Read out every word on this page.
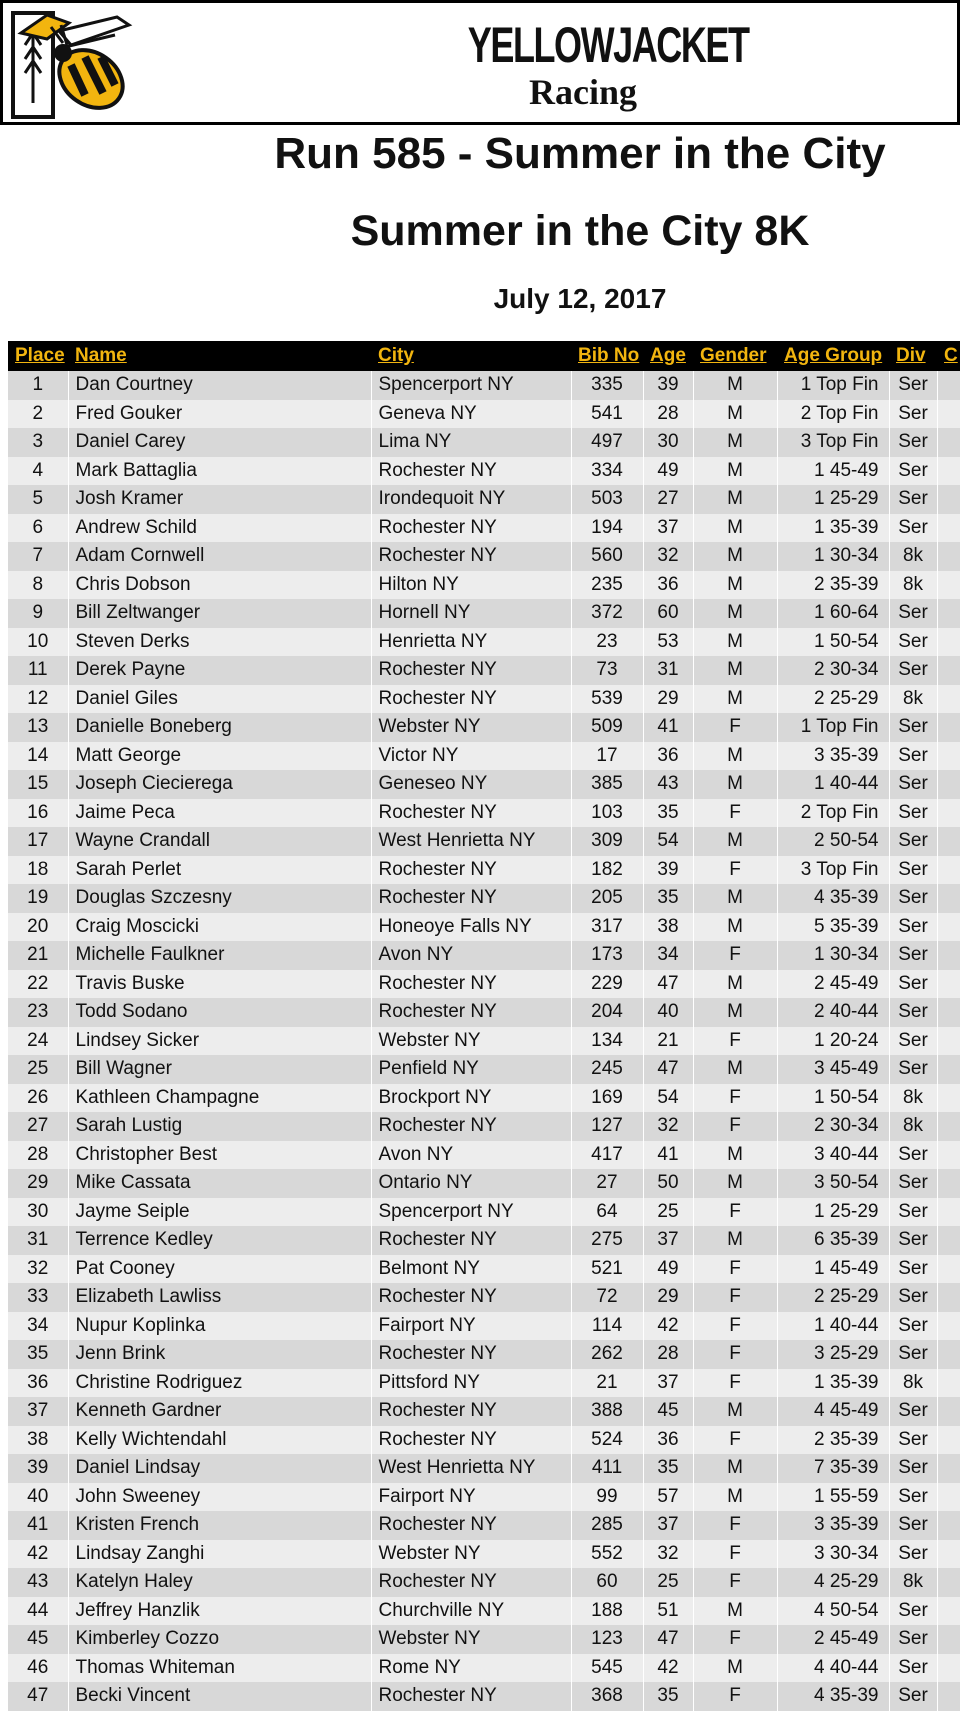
YELLOWJACKET
Racing
Run 585 - Summer in the City
Summer in the City 8K
July 12, 2017
Place	Name	City	Bib No	Age	Gender	Age Group	Div	C
1	Dan Courtney	Spencerport NY	335	39	M	1 Top Fin	Ser	
2	Fred Gouker	Geneva NY	541	28	M	2 Top Fin	Ser	
3	Daniel Carey	Lima NY	497	30	M	3 Top Fin	Ser	
4	Mark Battaglia	Rochester NY	334	49	M	1 45-49	Ser	
5	Josh Kramer	Irondequoit NY	503	27	M	1 25-29	Ser	
6	Andrew Schild	Rochester NY	194	37	M	1 35-39	Ser	
7	Adam Cornwell	Rochester NY	560	32	M	1 30-34	8k	
8	Chris Dobson	Hilton NY	235	36	M	2 35-39	8k	
9	Bill Zeltwanger	Hornell NY	372	60	M	1 60-64	Ser	
10	Steven Derks	Henrietta NY	23	53	M	1 50-54	Ser	
11	Derek Payne	Rochester NY	73	31	M	2 30-34	Ser	
12	Daniel Giles	Rochester NY	539	29	M	2 25-29	8k	
13	Danielle Boneberg	Webster NY	509	41	F	1 Top Fin	Ser	
14	Matt George	Victor NY	17	36	M	3 35-39	Ser	
15	Joseph Ciecierega	Geneseo NY	385	43	M	1 40-44	Ser	
16	Jaime Peca	Rochester NY	103	35	F	2 Top Fin	Ser	
17	Wayne Crandall	West Henrietta NY	309	54	M	2 50-54	Ser	
18	Sarah Perlet	Rochester NY	182	39	F	3 Top Fin	Ser	
19	Douglas Szczesny	Rochester NY	205	35	M	4 35-39	Ser	
20	Craig Moscicki	Honeoye Falls NY	317	38	M	5 35-39	Ser	
21	Michelle Faulkner	Avon NY	173	34	F	1 30-34	Ser	
22	Travis Buske	Rochester NY	229	47	M	2 45-49	Ser	
23	Todd Sodano	Rochester NY	204	40	M	2 40-44	Ser	
24	Lindsey Sicker	Webster NY	134	21	F	1 20-24	Ser	
25	Bill Wagner	Penfield NY	245	47	M	3 45-49	Ser	
26	Kathleen Champagne	Brockport NY	169	54	F	1 50-54	8k	
27	Sarah Lustig	Rochester NY	127	32	F	2 30-34	8k	
28	Christopher Best	Avon NY	417	41	M	3 40-44	Ser	
29	Mike Cassata	Ontario NY	27	50	M	3 50-54	Ser	
30	Jayme Seiple	Spencerport NY	64	25	F	1 25-29	Ser	
31	Terrence Kedley	Rochester NY	275	37	M	6 35-39	Ser	
32	Pat Cooney	Belmont NY	521	49	F	1 45-49	Ser	
33	Elizabeth Lawliss	Rochester NY	72	29	F	2 25-29	Ser	
34	Nupur Koplinka	Fairport NY	114	42	F	1 40-44	Ser	
35	Jenn Brink	Rochester NY	262	28	F	3 25-29	Ser	
36	Christine Rodriguez	Pittsford NY	21	37	F	1 35-39	8k	
37	Kenneth Gardner	Rochester NY	388	45	M	4 45-49	Ser	
38	Kelly Wichtendahl	Rochester NY	524	36	F	2 35-39	Ser	
39	Daniel Lindsay	West Henrietta NY	411	35	M	7 35-39	Ser	
40	John Sweeney	Fairport NY	99	57	M	1 55-59	Ser	
41	Kristen French	Rochester NY	285	37	F	3 35-39	Ser	
42	Lindsay Zanghi	Webster NY	552	32	F	3 30-34	Ser	
43	Katelyn Haley	Rochester NY	60	25	F	4 25-29	8k	
44	Jeffrey Hanzlik	Churchville NY	188	51	M	4 50-54	Ser	
45	Kimberley Cozzo	Webster NY	123	47	F	2 45-49	Ser	
46	Thomas Whiteman	Rome NY	545	42	M	4 40-44	Ser	
47	Becki Vincent	Rochester NY	368	35	F	4 35-39	Ser	
